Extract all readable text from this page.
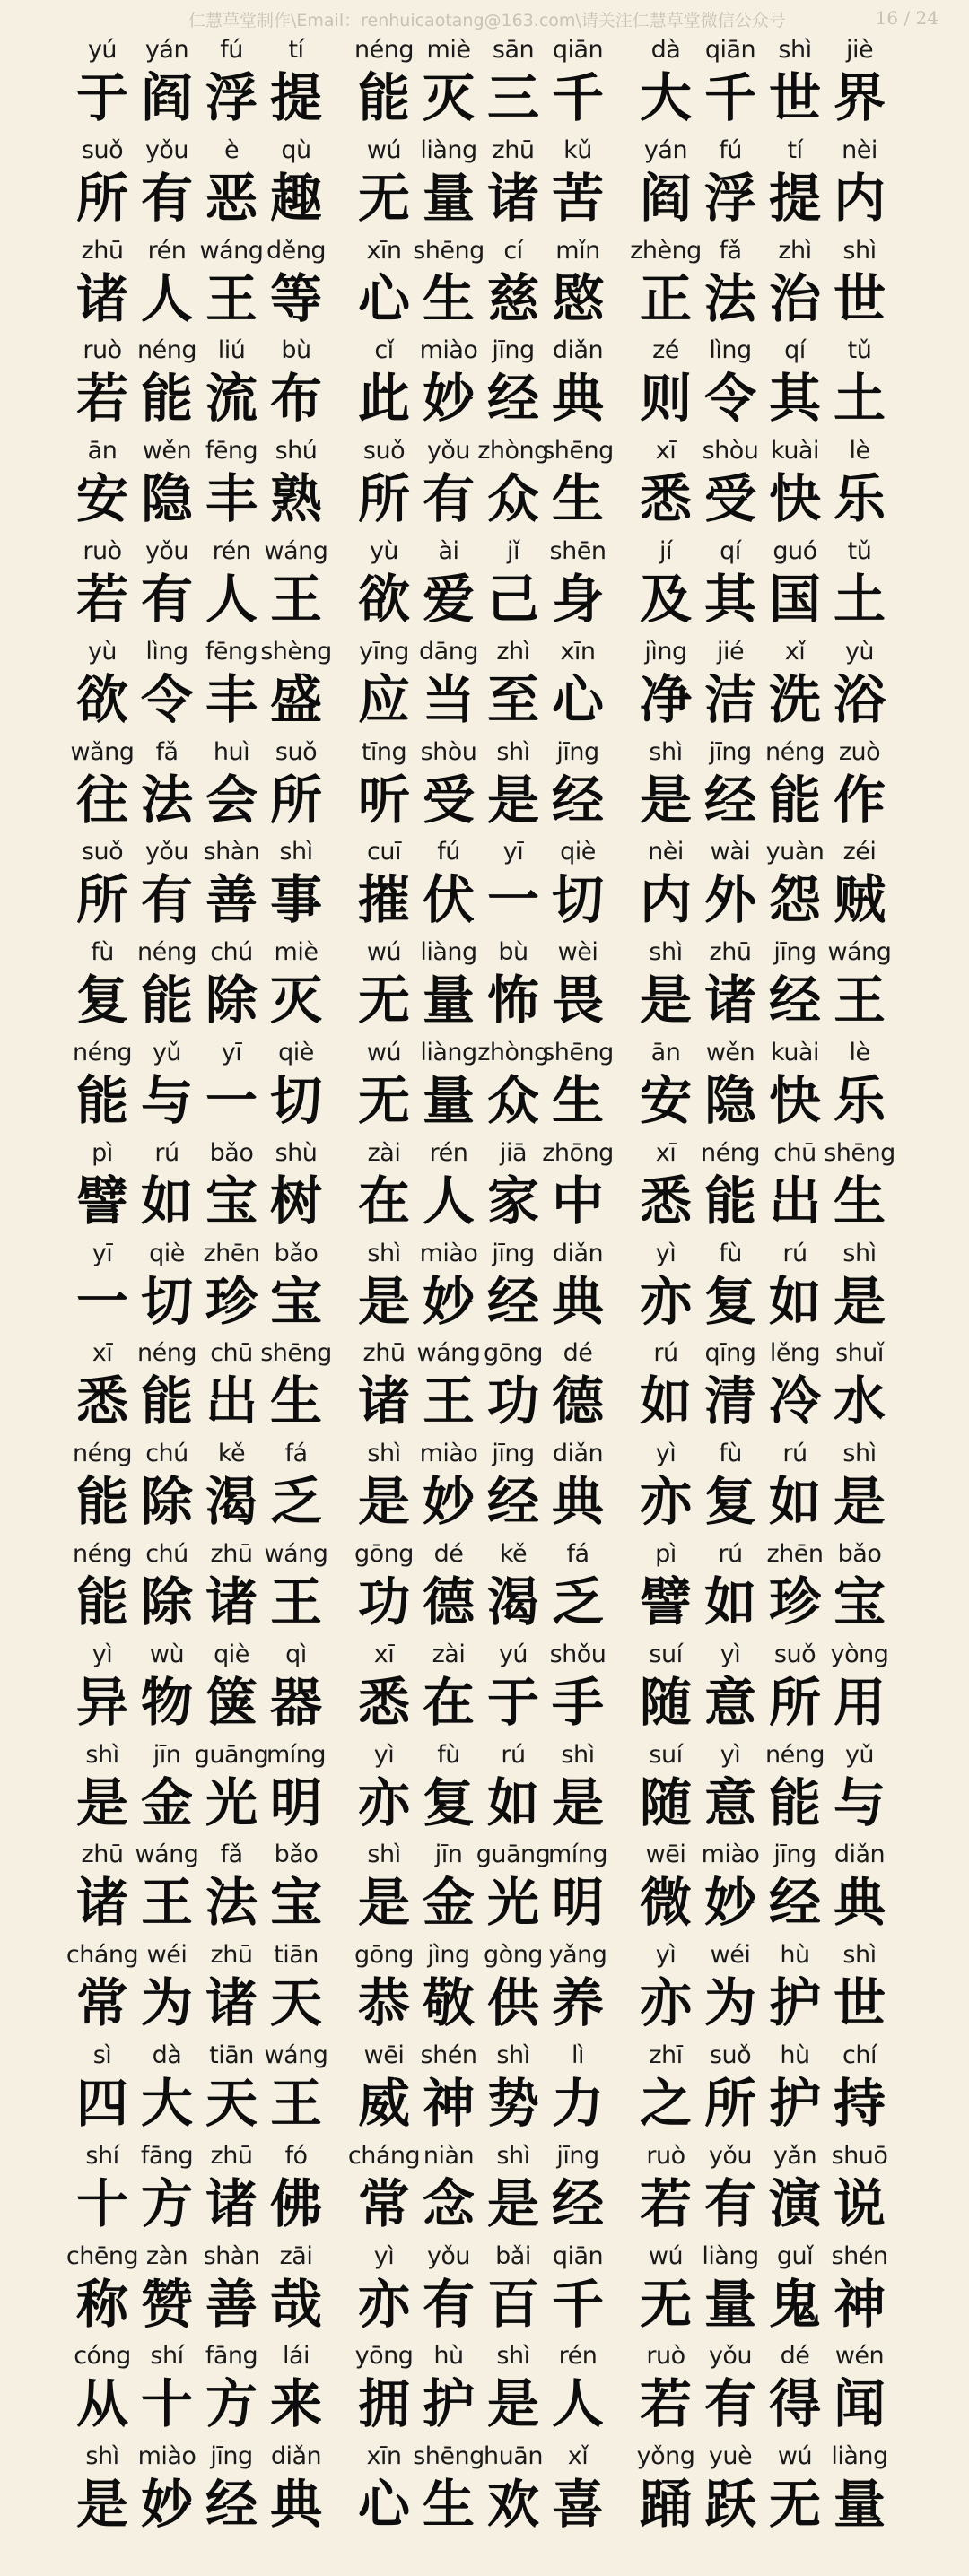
仁慧草堂制作\Email：renhuicaotang@163.com\请关注仁慧草堂微信公众号	16 / 24
yú
于
yán
阎
fú
浮
tí
提
néng
能
miè
灭
sān
三
qiān
千
dà
大
qiān
千
shì
世
jiè
界
suǒ
所
yǒu
有
è
恶
qù
趣
wú
无
liàng
量
zhū
诸
kǔ
苦
yán
阎
fú
浮
tí
提
nèi
内
zhū
诸
rén
人
wáng
王
děng
等
xīn
心
shēng
生
cí
慈
mǐn
愍
zhèng
正
fǎ
法
zhì
治
shì
世
ruò
若
néng
能
liú
流
bù
布
cǐ
此
miào
妙
jīng
经
diǎn
典
zé
则
lìng
令
qí
其
tǔ
土
ān
安
wěn
隐
fēng
丰
shú
熟
suǒ
所
yǒu
有
zhòng
众
shēng
生
xī
悉
shòu
受
kuài
快
lè
乐
ruò
若
yǒu
有
rén
人
wáng
王
yù
欲
ài
爱
jǐ
己
shēn
身
jí
及
qí
其
guó
国
tǔ
土
yù
欲
lìng
令
fēng
丰
shèng
盛
yīng
应
dāng
当
zhì
至
xīn
心
jìng
净
jié
洁
xǐ
洗
yù
浴
wǎng
往
fǎ
法
huì
会
suǒ
所
tīng
听
shòu
受
shì
是
jīng
经
shì
是
jīng
经
néng
能
zuò
作
suǒ
所
yǒu
有
shàn
善
shì
事
cuī
摧
fú
伏
yī
一
qiè
切
nèi
内
wài
外
yuàn
怨
zéi
贼
fù
复
néng
能
chú
除
miè
灭
wú
无
liàng
量
bù
怖
wèi
畏
shì
是
zhū
诸
jīng
经
wáng
王
néng
能
yǔ
与
yī
一
qiè
切
wú
无
liàng
量
zhòng
众
shēng
生
ān
安
wěn
隐
kuài
快
lè
乐
pì
譬
rú
如
bǎo
宝
shù
树
zài
在
rén
人
jiā
家
zhōng
中
xī
悉
néng
能
chū
出
shēng
生
yī
一
qiè
切
zhēn
珍
bǎo
宝
shì
是
miào
妙
jīng
经
diǎn
典
yì
亦
fù
复
rú
如
shì
是
xī
悉
néng
能
chū
出
shēng
生
zhū
诸
wáng
王
gōng
功
dé
德
rú
如
qīng
清
lěng
冷
shuǐ
水
néng
能
chú
除
kě
渴
fá
乏
shì
是
miào
妙
jīng
经
diǎn
典
yì
亦
fù
复
rú
如
shì
是
néng
能
chú
除
zhū
诸
wáng
王
gōng
功
dé
德
kě
渴
fá
乏
pì
譬
rú
如
zhēn
珍
bǎo
宝
yì
异
wù
物
qiè
箧
qì
器
xī
悉
zài
在
yú
于
shǒu
手
suí
随
yì
意
suǒ
所
yòng
用
shì
是
jīn
金
guāng
光
míng
明
yì
亦
fù
复
rú
如
shì
是
suí
随
yì
意
néng
能
yǔ
与
zhū
诸
wáng
王
fǎ
法
bǎo
宝
shì
是
jīn
金
guāng
光
míng
明
wēi
微
miào
妙
jīng
经
diǎn
典
cháng
常
wéi
为
zhū
诸
tiān
天
gōng
恭
jìng
敬
gòng
供
yǎng
养
yì
亦
wéi
为
hù
护
shì
世
sì
四
dà
大
tiān
天
wáng
王
wēi
威
shén
神
shì
势
lì
力
zhī
之
suǒ
所
hù
护
chí
持
shí
十
fāng
方
zhū
诸
fó
佛
cháng
常
niàn
念
shì
是
jīng
经
ruò
若
yǒu
有
yǎn
演
shuō
说
chēng
称
zàn
赞
shàn
善
zāi
哉
yì
亦
yǒu
有
bǎi
百
qiān
千
wú
无
liàng
量
guǐ
鬼
shén
神
cóng
从
shí
十
fāng
方
lái
来
yōng
拥
hù
护
shì
是
rén
人
ruò
若
yǒu
有
dé
得
wén
闻
shì
是
miào
妙
jīng
经
diǎn
典
xīn
心
shēng
生
huān
欢
xǐ
喜
yǒng
踊
yuè
跃
wú
无
liàng
量
